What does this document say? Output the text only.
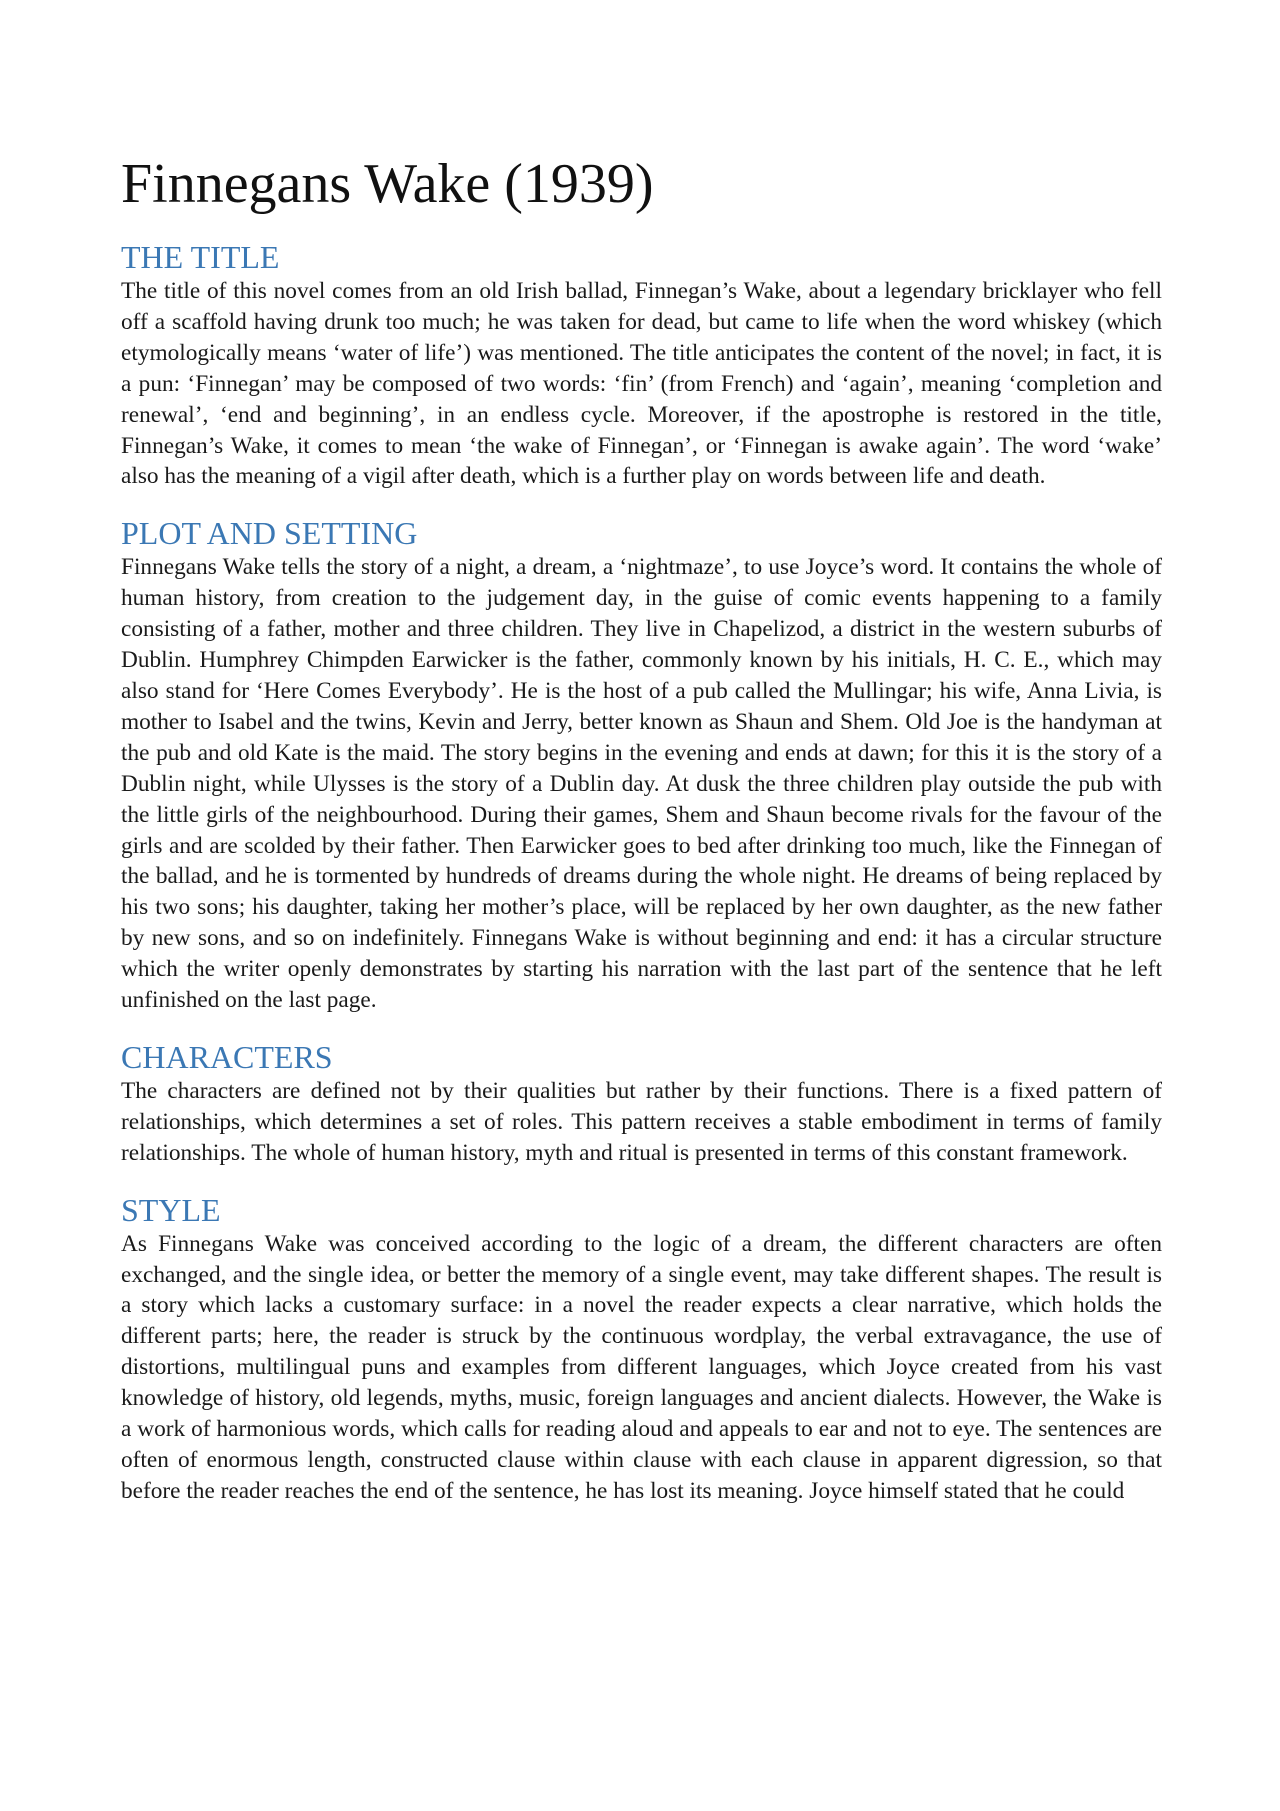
Finnegans Wake (1939)
THE TITLE

The title of this novel comes from an old Irish ballad, Finnegan’s Wake, about a legendary bricklayer who fell off a scaffold having drunk too much; he was taken for dead, but came to life when the word whiskey (which etymologically means ‘water of life’) was mentioned. The title anticipates the content of the novel; in fact, it is a pun: ‘Finnegan’ may be composed of two words: ‘fin’ (from French) and ‘again’, meaning ‘completion and renewal’, ‘end and beginning’, in an endless cycle. Moreover, if the apostrophe is restored in the title, Finnegan’s Wake, it comes to mean ‘the wake of Finnegan’, or ‘Finnegan is awake again’. The word ‘wake’ also has the meaning of a vigil after death, which is a further play on words between life and death.

PLOT AND SETTING

Finnegans Wake tells the story of a night, a dream, a ‘nightmaze’, to use Joyce’s word. It contains the whole of human history, from creation to the judgement day, in the guise of comic events happening to a family consisting of a father, mother and three children. They live in Chapelizod, a district in the western suburbs of Dublin. Humphrey Chimpden Earwicker is the father, commonly known by his initials, H. C. E., which may also stand for ‘Here Comes Everybody’. He is the host of a pub called the Mullingar; his wife, Anna Livia, is mother to Isabel and the twins, Kevin and Jerry, better known as Shaun and Shem. Old Joe is the handyman at the pub and old Kate is the maid. The story begins in the evening and ends at dawn; for this it is the story of a Dublin night, while Ulysses is the story of a Dublin day. At dusk the three children play outside the pub with the little girls of the neighbourhood. During their games, Shem and Shaun become rivals for the favour of the girls and are scolded by their father. Then Earwicker goes to bed after drinking too much, like the Finnegan of the ballad, and he is tormented by hundreds of dreams during the whole night. He dreams of being replaced by his two sons; his daughter, taking her mother’s place, will be replaced by her own daughter, as the new father by new sons, and so on indefinitely. Finnegans Wake is without beginning and end: it has a circular structure which the writer openly demonstrates by starting his narration with the last part of the sentence that he left unfinished on the last page.

CHARACTERS

The characters are defined not by their qualities but rather by their functions. There is a fixed pattern of relationships, which determines a set of roles. This pattern receives a stable embodiment in terms of family relationships. The whole of human history, myth and ritual is presented in terms of this constant framework.

STYLE

As Finnegans Wake was conceived according to the logic of a dream, the different characters are often exchanged, and the single idea, or better the memory of a single event, may take different shapes. The result is a story which lacks a customary surface: in a novel the reader expects a clear narrative, which holds the different parts; here, the reader is struck by the continuous wordplay, the verbal extravagance, the use of distortions, multilingual puns and examples from different languages, which Joyce created from his vast knowledge of history, old legends, myths, music, foreign languages and ancient dialects. However, the Wake is a work of harmonious words, which calls for reading aloud and appeals to ear and not to eye. The sentences are often of enormous length, constructed clause within clause with each clause in apparent digression, so that before the reader reaches the end of the sentence, he has lost its meaning. Joyce himself stated that he could
